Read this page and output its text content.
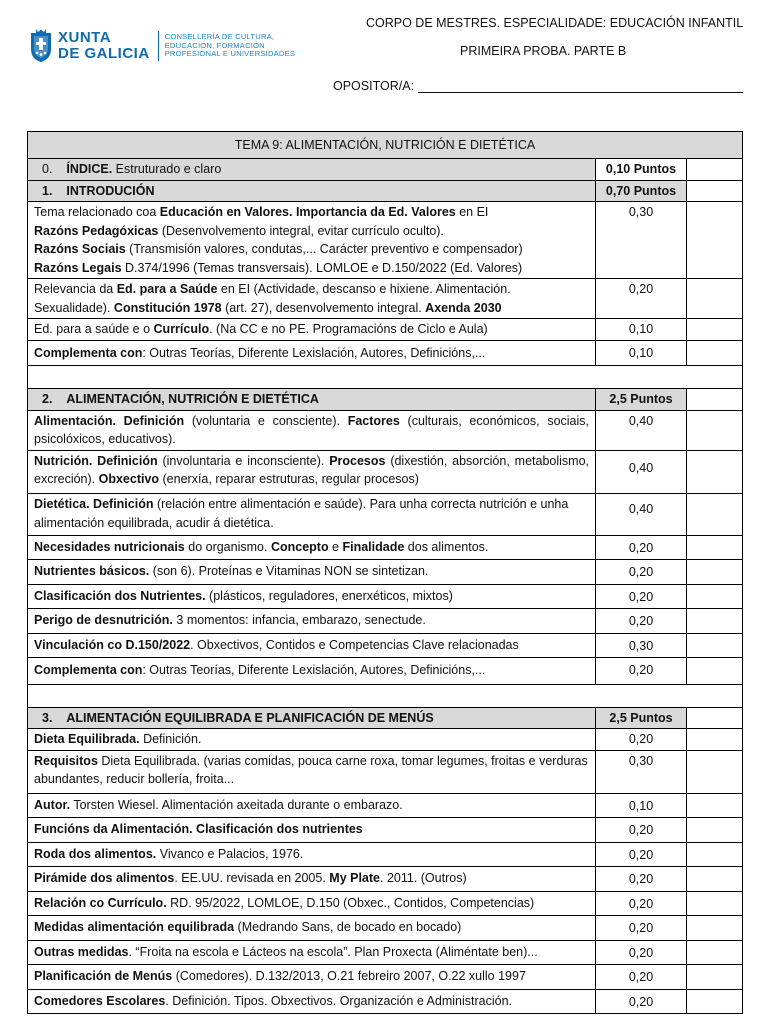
XUNTA
DE GALICIA
CONSELLERÍA DE CULTURA,
EDUCACIÓN, FORMACIÓN
PROFESIONAL E UNIVERSIDADES
CORPO DE MESTRES. ESPECIALIDADE: EDUCACIÓN INFANTIL
PRIMEIRA PROBA. PARTE B
OPOSITOR/A:
TEMA 9: ALIMENTACIÓN, NUTRICIÓN E DIETÉTICA		
0. ÍNDICE. Estruturado e claro	0,10 Puntos	
1. INTRODUCIÓN	0,70 Puntos	
Tema relacionado coa Educación en Valores. Importancia da Ed. Valores en EI
Razóns Pedagóxicas (Desenvolvemento integral, evitar currículo oculto).
Razóns Sociais (Transmisión valores, condutas,... Carácter preventivo e compensador)
Razóns Legais D.374/1996 (Temas transversais). LOMLOE e D.150/2022 (Ed. Valores)	0,30	
Relevancia da Ed. para a Saúde en EI (Actividade, descanso e hixiene. Alimentación. Sexualidade). Constitución 1978 (art. 27), desenvolvemento integral. Axenda 2030	0,20	
Ed. para a saúde e o Currículo. (Na CC e no PE. Programacións de Ciclo e Aula)	0,10	
Complementa con: Outras Teorías, Diferente Lexislación, Autores, Definicións,...	0,10	

2. ALIMENTACIÓN, NUTRICIÓN E DIETÉTICA	2,5 Puntos	
Alimentación. Definición (voluntaria e consciente). Factores (culturais, económicos, sociais, psicolóxicos, educativos).	0,40	
Nutrición. Definición (involuntaria e inconsciente). Procesos (dixestión, absorción, metabolismo, excreción). Obxectivo (enerxía, reparar estruturas, regular procesos)	0,40	
Dietética. Definición (relación entre alimentación e saúde). Para unha correcta nutrición e unha alimentación equilibrada, acudir á dietética.	0,40	
Necesidades nutricionais do organismo. Concepto e Finalidade dos alimentos.	0,20	
Nutrientes básicos. (son 6). Proteínas e Vitaminas NON se sintetizan.	0,20	
Clasificación dos Nutrientes. (plásticos, reguladores, enerxéticos, mixtos)	0,20	
Perigo de desnutrición. 3 momentos: infancia, embarazo, senectude.	0,20	
Vinculación co D.150/2022. Obxectivos, Contidos e Competencias Clave relacionadas	0,30	
Complementa con: Outras Teorías, Diferente Lexislación, Autores, Definicións,...	0,20	

3. ALIMENTACIÓN EQUILIBRADA E PLANIFICACIÓN DE MENÚS	2,5 Puntos	
Dieta Equilibrada. Definición.	0,20	
Requisitos Dieta Equilibrada. (varias comidas, pouca carne roxa, tomar legumes, froitas e verduras abundantes, reducir bollería, froita...	0,30	
Autor. Torsten Wiesel. Alimentación axeitada durante o embarazo.	0,10	
Funcións da Alimentación. Clasificación dos nutrientes	0,20	
Roda dos alimentos. Vivanco e Palacios, 1976.	0,20	
Pirámide dos alimentos. EE.UU. revisada en 2005. My Plate. 2011. (Outros)	0,20	
Relación co Currículo. RD. 95/2022, LOMLOE, D.150 (Obxec., Contidos, Competencias)	0,20	
Medidas alimentación equilibrada (Medrando Sans, de bocado en bocado)	0,20	
Outras medidas. “Froita na escola e Lácteos na escola”. Plan Proxecta (Aliméntate ben)...	0,20	
Planificación de Menús (Comedores). D.132/2013, O.21 febreiro 2007, O.22 xullo 1997	0,20	
Comedores Escolares. Definición. Tipos. Obxectivos. Organización e Administración.	0,20	
